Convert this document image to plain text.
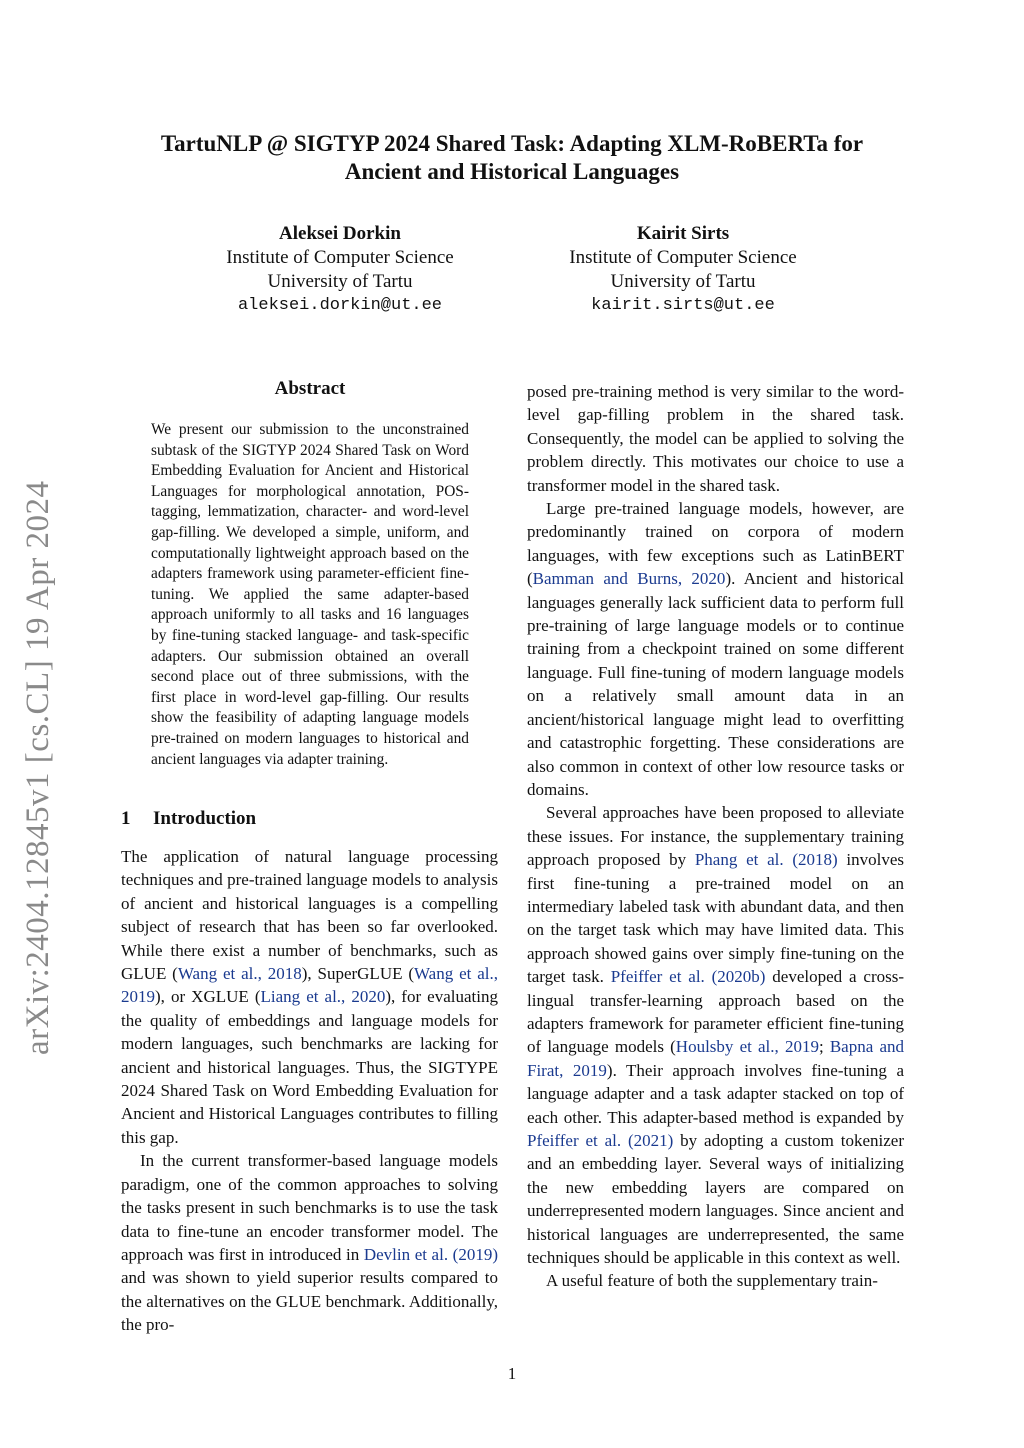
arXiv:2404.12845v1 [cs.CL] 19 Apr 2024
TartuNLP @ SIGTYP 2024 Shared Task: Adapting XLM-RoBERTa for
Ancient and Historical Languages
Aleksei Dorkin
Institute of Computer Science
University of Tartu
aleksei.dorkin@ut.ee
Kairit Sirts
Institute of Computer Science
University of Tartu
kairit.sirts@ut.ee
Abstract
We present our submission to the unconstrained subtask of the SIGTYP 2024 Shared Task on Word Embedding Evaluation for Ancient and Historical Languages for morphological annotation, POS-tagging, lemmatization, character- and word-level gap-filling. We developed a simple, uniform, and computationally lightweight approach based on the adapters framework using parameter-efficient fine-tuning. We applied the same adapter-based approach uniformly to all tasks and 16 languages by fine-tuning stacked language- and task-specific adapters. Our submission obtained an overall second place out of three submissions, with the first place in word-level gap-filling. Our results show the feasibility of adapting language models pre-trained on modern languages to historical and ancient languages via adapter training.
1 Introduction

The application of natural language processing techniques and pre-trained language models to analysis of ancient and historical languages is a compelling subject of research that has been so far overlooked. While there exist a number of benchmarks, such as GLUE (Wang et al., 2018), SuperGLUE (Wang et al., 2019), or XGLUE (Liang et al., 2020), for evaluating the quality of embeddings and language models for modern languages, such benchmarks are lacking for ancient and historical languages. Thus, the SIGTYPE 2024 Shared Task on Word Embedding Evaluation for Ancient and Historical Languages contributes to filling this gap.

In the current transformer-based language models paradigm, one of the common approaches to solving the tasks present in such benchmarks is to use the task data to fine-tune an encoder transformer model. The approach was first in introduced in Devlin et al. (2019) and was shown to yield superior results compared to the alternatives on the GLUE benchmark. Additionally, the pro-

posed pre-training method is very similar to the word-level gap-filling problem in the shared task. Consequently, the model can be applied to solving the problem directly. This motivates our choice to use a transformer model in the shared task.

Large pre-trained language models, however, are predominantly trained on corpora of modern languages, with few exceptions such as LatinBERT (Bamman and Burns, 2020). Ancient and historical languages generally lack sufficient data to perform full pre-training of large language models or to continue training from a checkpoint trained on some different language. Full fine-tuning of modern language models on a relatively small amount data in an ancient/historical language might lead to overfitting and catastrophic forgetting. These considerations are also common in context of other low resource tasks or domains.

Several approaches have been proposed to alleviate these issues. For instance, the supplementary training approach proposed by Phang et al. (2018) involves first fine-tuning a pre-trained model on an intermediary labeled task with abundant data, and then on the target task which may have limited data. This approach showed gains over simply fine-tuning on the target task. Pfeiffer et al. (2020b) developed a cross-lingual transfer-learning approach based on the adapters framework for parameter efficient fine-tuning of language models (Houlsby et al., 2019; Bapna and Firat, 2019). Their approach involves fine-tuning a language adapter and a task adapter stacked on top of each other. This adapter-based method is expanded by Pfeiffer et al. (2021) by adopting a custom tokenizer and an embedding layer. Several ways of initializing the new embedding layers are compared on underrepresented modern languages. Since ancient and historical languages are underrepresented, the same techniques should be applicable in this context as well.

A useful feature of both the supplementary train-

1
